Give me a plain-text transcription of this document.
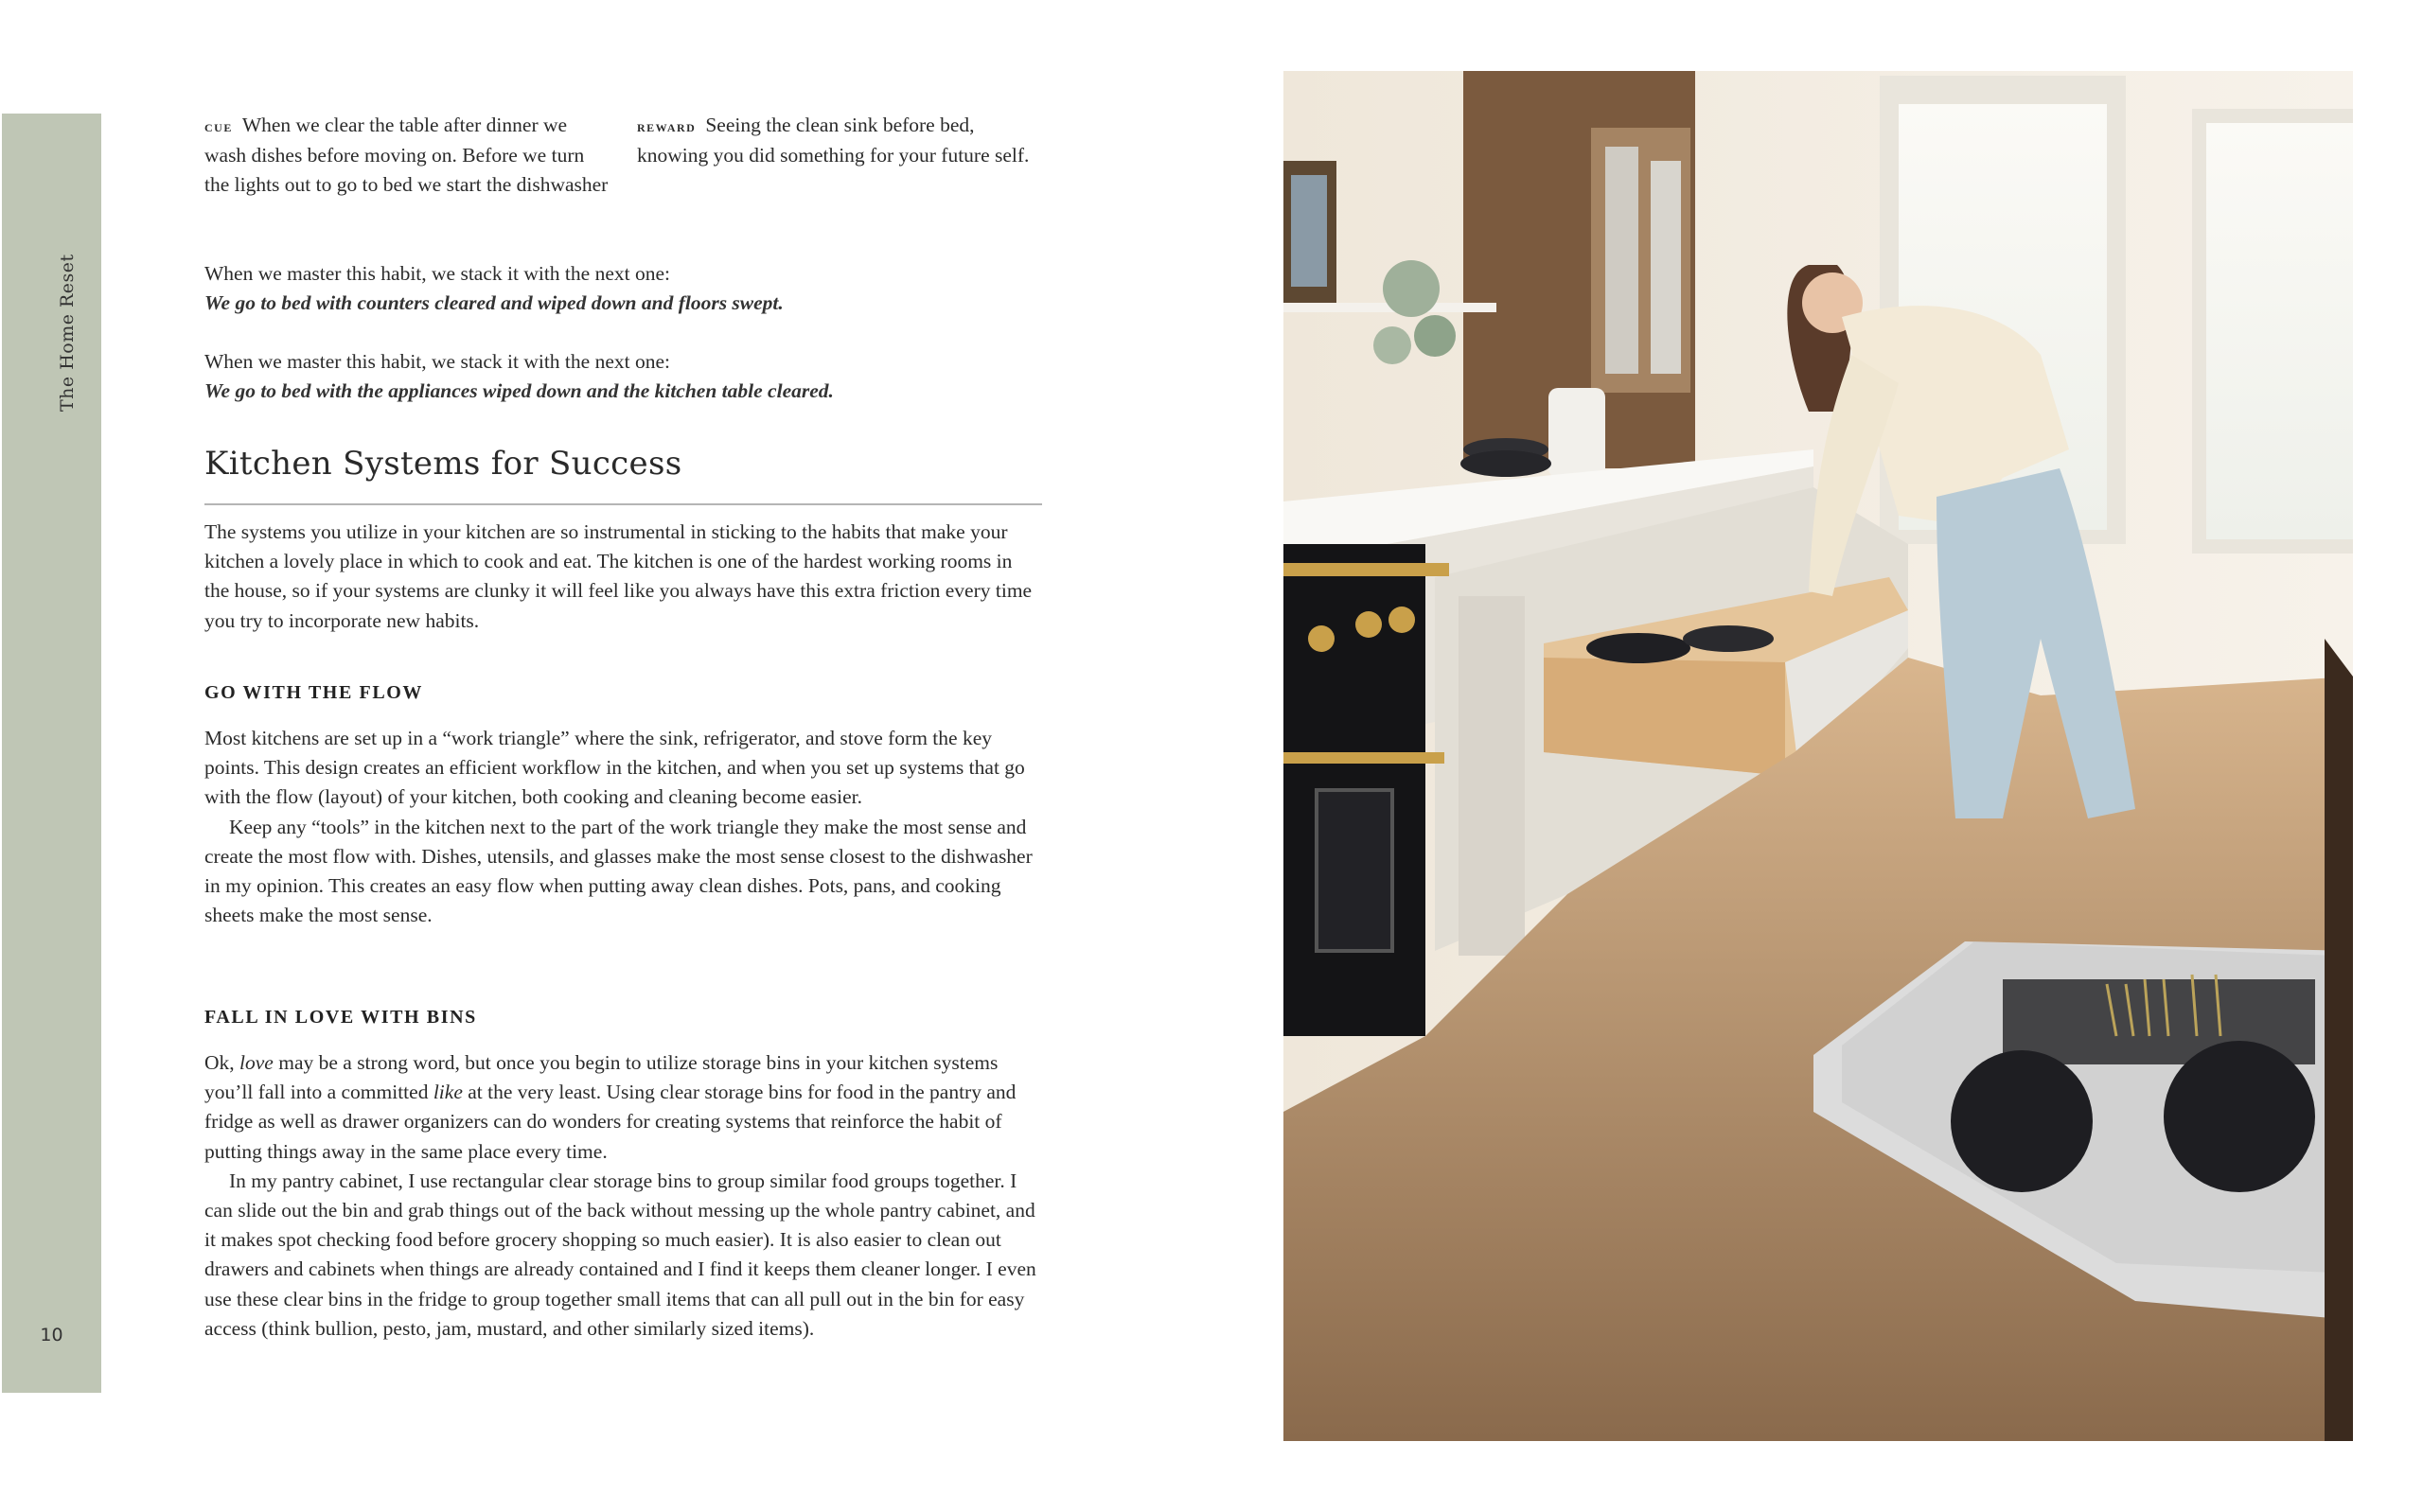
The Home Reset
10
cue When we clear the table after dinner we wash dishes before moving on. Before we turn the lights out to go to bed we start the dishwasher
reward Seeing the clean sink before bed, knowing you did something for your future self.

When we master this habit, we stack it with the next one:

We go to bed with counters cleared and wiped down and floors swept.

When we master this habit, we stack it with the next one:

We go to bed with the appliances wiped down and the kitchen table cleared.

Kitchen Systems for Success

The systems you utilize in your kitchen are so instrumental in sticking to the habits that make your kitchen a lovely place in which to cook and eat. The kitchen is one of the hardest working rooms in the house, so if your systems are clunky it will feel like you always have this extra friction every time you try to incorporate new habits.

GO WITH THE FLOW

Most kitchens are set up in a “work triangle” where the sink, refrigerator, and stove form the key points. This design creates an efficient workflow in the kitchen, and when you set up systems that go with the flow (layout) of your kitchen, both cooking and cleaning become easier.

Keep any “tools” in the kitchen next to the part of the work triangle they make the most sense and create the most flow with. Dishes, utensils, and glasses make the most sense closest to the dishwasher in my opinion. This creates an easy flow when putting away clean dishes. Pots, pans, and cooking sheets make the most sense.

FALL IN LOVE WITH BINS

Ok, love may be a strong word, but once you begin to utilize storage bins in your kitchen systems you’ll fall into a committed like at the very least. Using clear storage bins for food in the pantry and fridge as well as drawer organizers can do wonders for creating systems that reinforce the habit of putting things away in the same place every time.

In my pantry cabinet, I use rectangular clear storage bins to group similar food groups together. I can slide out the bin and grab things out of the back without messing up the whole pantry cabinet, and it makes spot checking food before grocery shopping so much easier). It is also easier to clean out drawers and cabinets when things are already contained and I find it keeps them cleaner longer. I even use these clear bins in the fridge to group together small items that can all pull out in the bin for easy access (think bullion, pesto, jam, mustard, and other similarly sized items).
